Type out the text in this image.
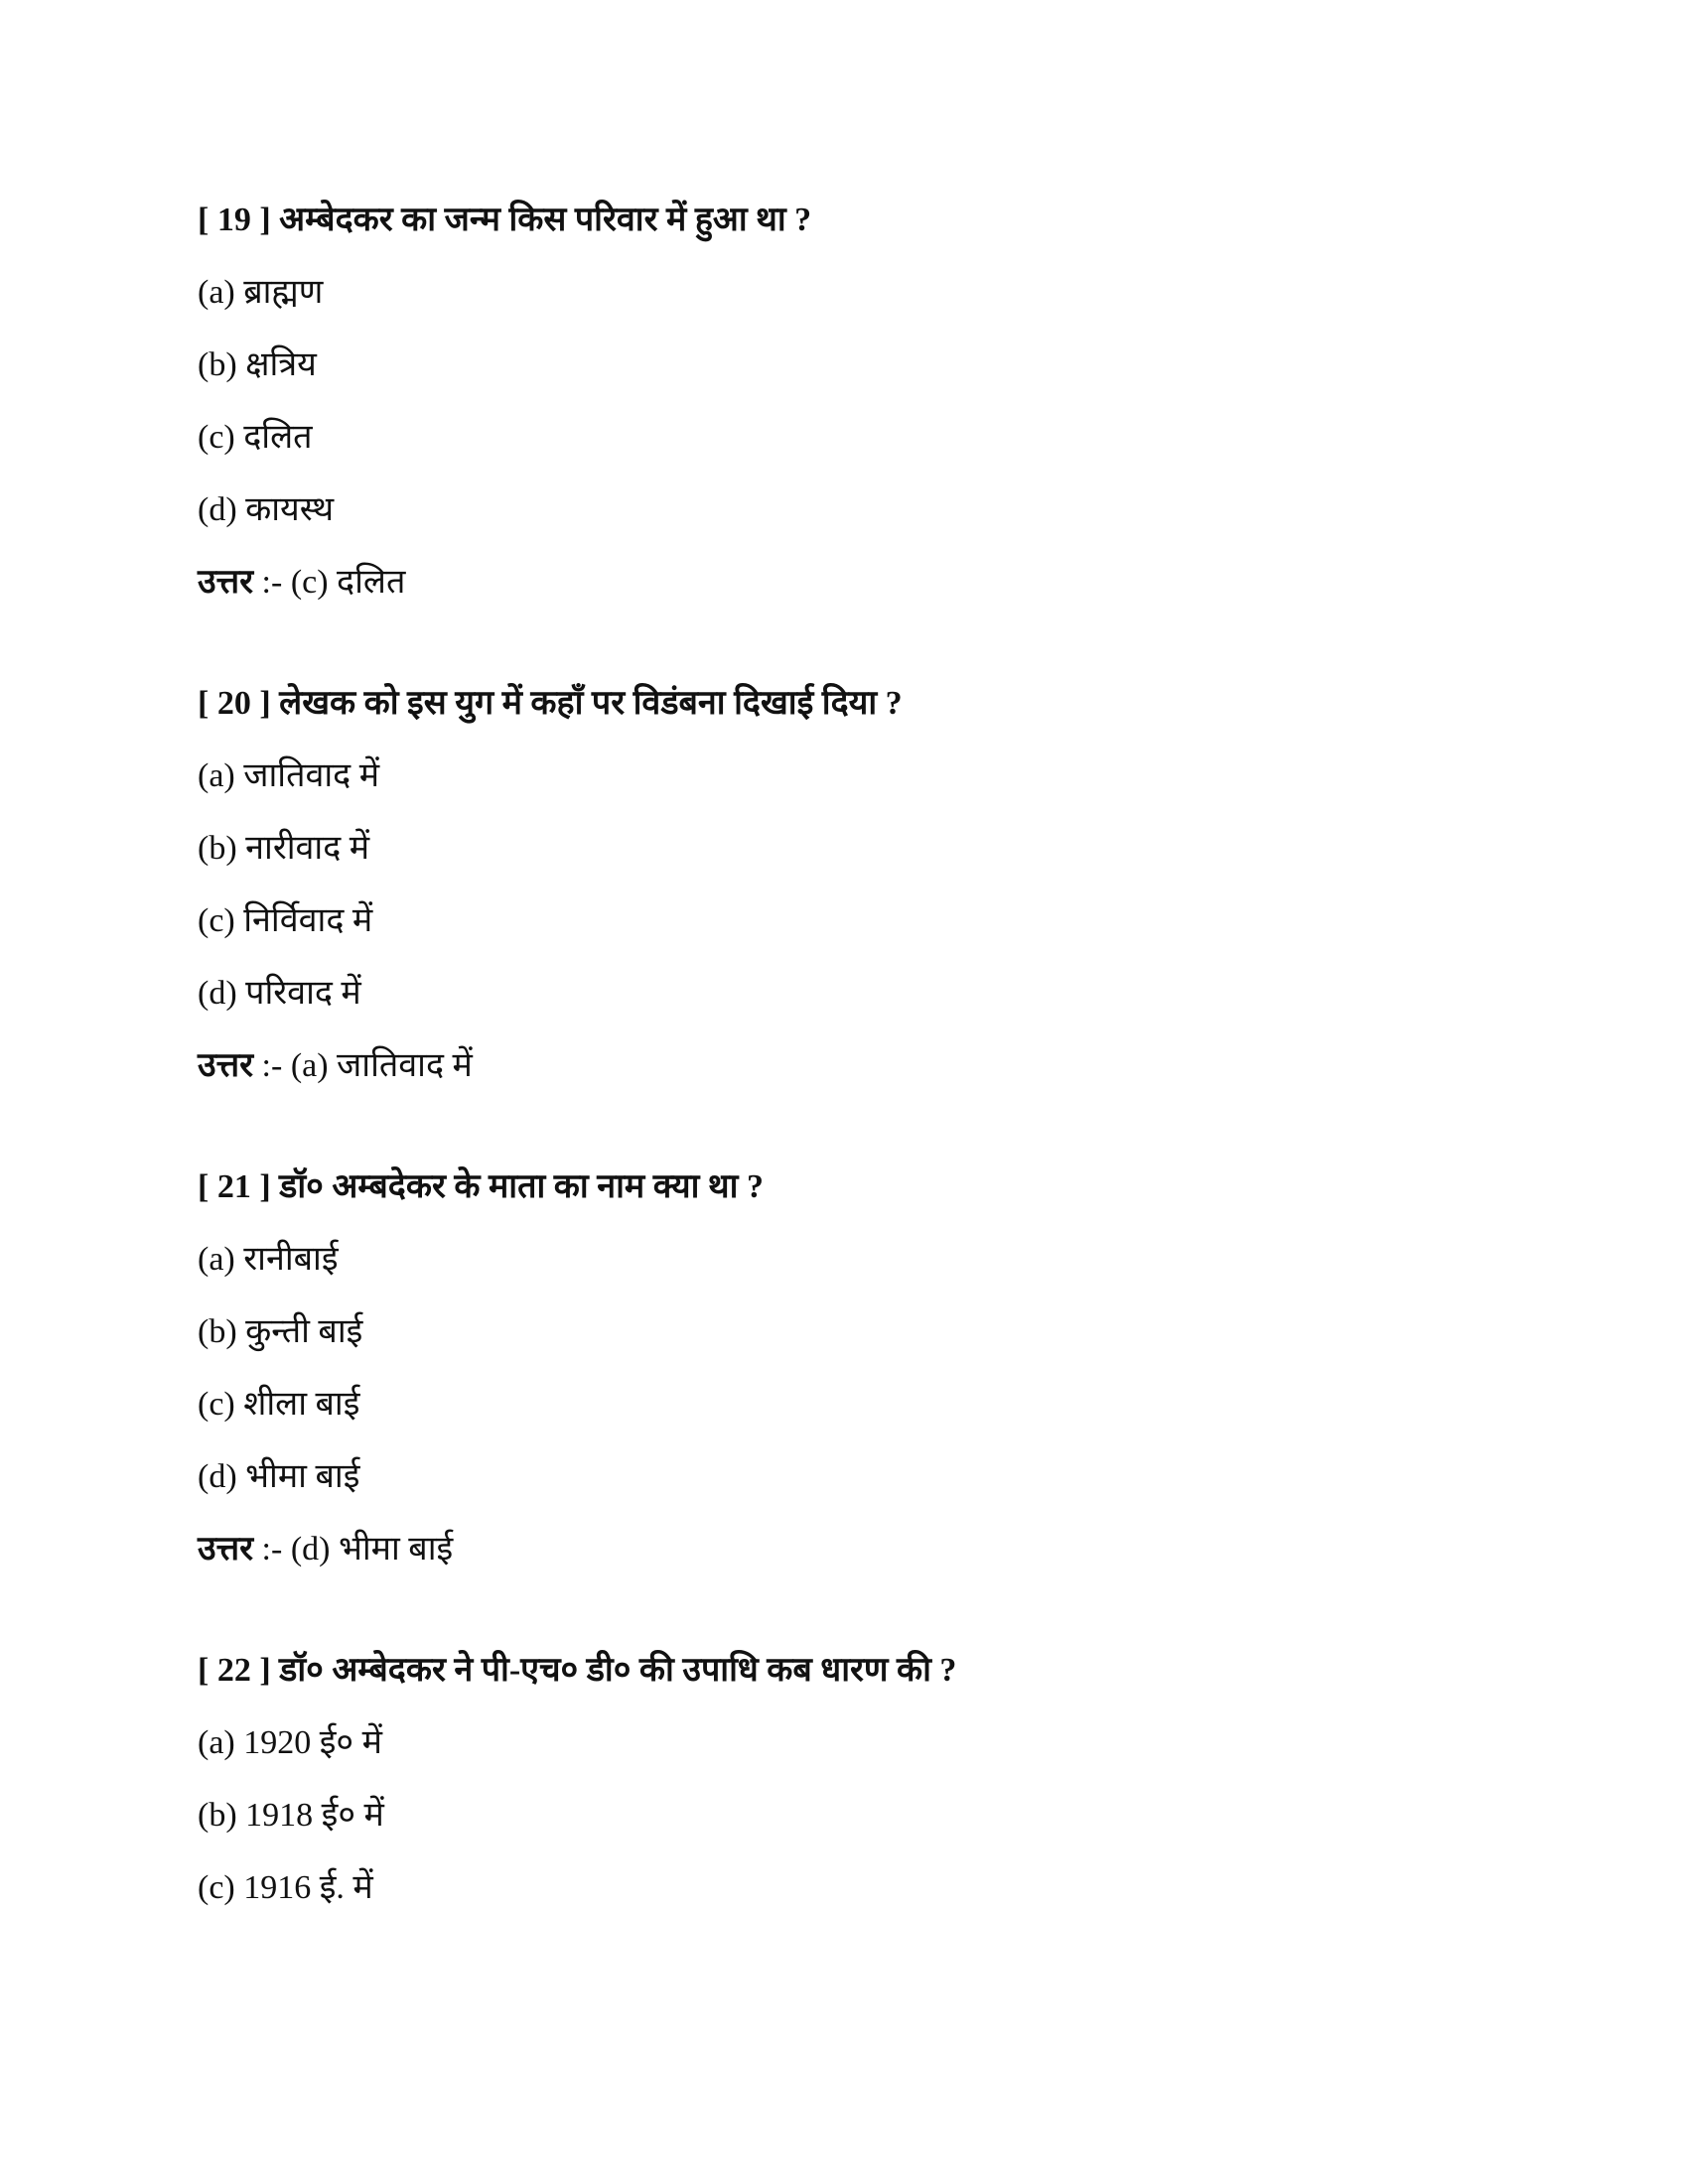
[ 19 ] अम्बेदकर का जन्म किस परिवार में हुआ था ?
(a) ब्राह्मण
(b) क्षत्रिय
(c) दलित
(d) कायस्थ
उत्तर :- (c) दलित
[ 20 ] लेखक को इस युग में कहाँ पर विडंबना दिखाई दिया ?
(a) जातिवाद में
(b) नारीवाद में
(c) निर्विवाद में
(d) परिवाद में
उत्तर :- (a) जातिवाद में
[ 21 ] डॉ० अम्बदेकर के माता का नाम क्या था ?
(a) रानीबाई
(b) कुन्ती बाई
(c) शीला बाई
(d) भीमा बाई
उत्तर :- (d) भीमा बाई
[ 22 ] डॉ० अम्बेदकर ने पी-एच० डी० की उपाधि कब धारण की ?
(a) 1920 ई० में
(b) 1918 ई० में
(c) 1916 ई. में
